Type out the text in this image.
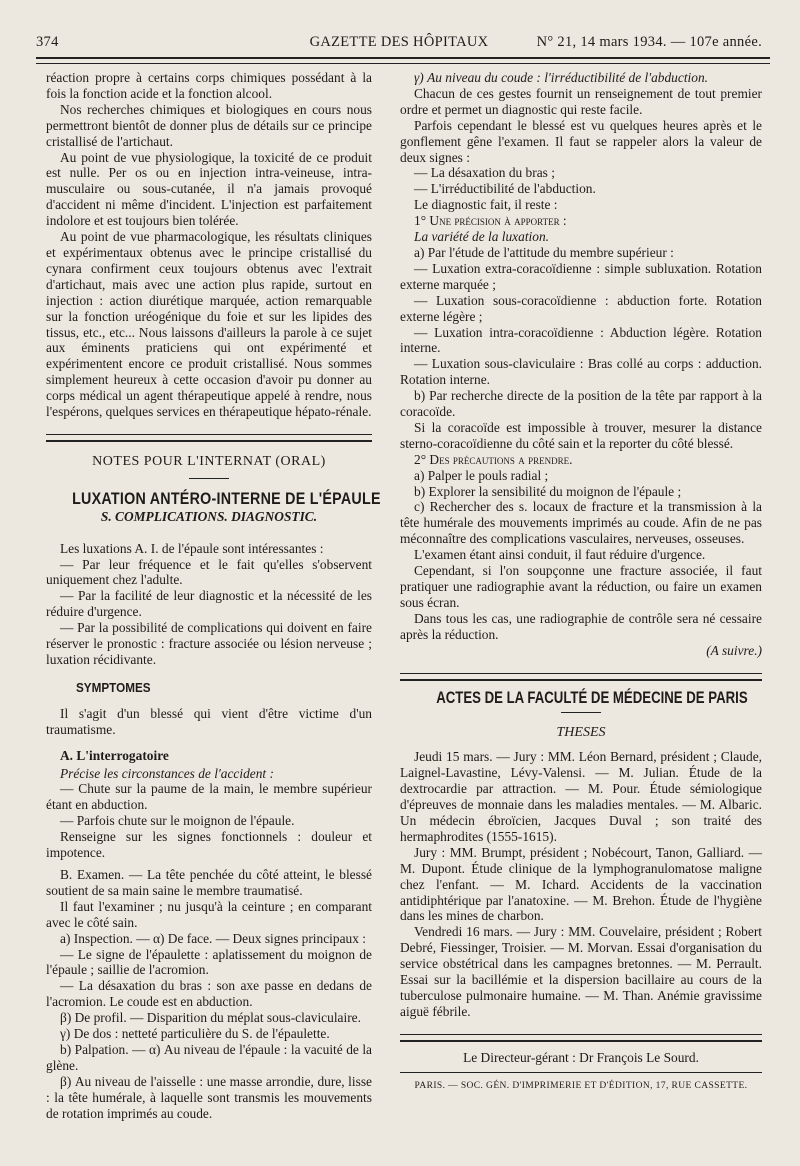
374	GAZETTE DES HÔPITAUX	N° 21, 14 mars 1934. — 107e année.

réaction propre à certains corps chimiques possédant à la fois la fonction acide et la fonction alcool.

Nos recherches chimiques et biologiques en cours nous permettront bientôt de donner plus de détails sur ce principe cristallisé de l'artichaut.

Au point de vue physiologique, la toxicité de ce produit est nulle. Per os ou en injection intra-veineuse, intra-musculaire ou sous-cutanée, il n'a jamais provoqué d'accident ni même d'incident. L'injection est parfaitement indolore et est toujours bien tolérée.

Au point de vue pharmacologique, les résultats cliniques et expérimentaux obtenus avec le principe cristallisé du cynara confirment ceux toujours obtenus avec l'extrait d'artichaut, mais avec une action plus rapide, surtout en injection : action diurétique marquée, action remarquable sur la fonction uréogénique du foie et sur les lipides des tissus, etc., etc... Nous laissons d'ailleurs la parole à ce sujet aux éminents praticiens qui ont expérimenté et expérimentent encore ce produit cristallisé. Nous sommes simplement heureux à cette occasion d'avoir pu donner au corps médical un agent thérapeutique appelé à rendre, nous l'espérons, quelques services en thérapeutique hépato-rénale.

NOTES POUR L'INTERNAT (ORAL)
LUXATION ANTÉRO-INTERNE DE L'ÉPAULE
S. COMPLICATIONS. DIAGNOSTIC.

Les luxations A. I. de l'épaule sont intéressantes :

— Par leur fréquence et le fait qu'elles s'observent uniquement chez l'adulte.

— Par la facilité de leur diagnostic et la nécessité de les réduire d'urgence.

— Par la possibilité de complications qui doivent en faire réserver le pronostic : fracture associée ou lésion nerveuse ; luxation récidivante.

SYMPTOMES

Il s'agit d'un blessé qui vient d'être victime d'un traumatisme.

A. L'interrogatoire

Précise les circonstances de l'accident :

— Chute sur la paume de la main, le membre supérieur étant en abduction.

— Parfois chute sur le moignon de l'épaule.

Renseigne sur les signes fonctionnels : douleur et impotence.

B. Examen. — La tête penchée du côté atteint, le blessé soutient de sa main saine le membre traumatisé.

Il faut l'examiner ; nu jusqu'à la ceinture ; en comparant avec le côté sain.

a) Inspection. — α) De face. — Deux signes principaux :

— Le signe de l'épaulette : aplatissement du moignon de l'épaule ; saillie de l'acromion.

— La désaxation du bras : son axe passe en dedans de l'acromion. Le coude est en abduction.

β) De profil. — Disparition du méplat sous-claviculaire.

γ) De dos : netteté particulière du S. de l'épaulette.

b) Palpation. — α) Au niveau de l'épaule : la vacuité de la glène.

β) Au niveau de l'aisselle : une masse arrondie, dure, lisse : la tête humérale, à laquelle sont transmis les mouvements de rotation imprimés au coude.

γ) Au niveau du coude : l'irréductibilité de l'abduction.

Chacun de ces gestes fournit un renseignement de tout premier ordre et permet un diagnostic qui reste facile.

Parfois cependant le blessé est vu quelques heures après et le gonflement gêne l'examen. Il faut se rappeler alors la valeur de deux signes :

— La désaxation du bras ;

— L'irréductibilité de l'abduction.

Le diagnostic fait, il reste :

1° Une précision à apporter :

La variété de la luxation.

a) Par l'étude de l'attitude du membre supérieur :

— Luxation extra-coracoïdienne : simple subluxation. Rotation externe marquée ;

— Luxation sous-coracoïdienne : abduction forte. Rotation externe légère ;

— Luxation intra-coracoïdienne : Abduction légère. Rotation interne.

— Luxation sous-claviculaire : Bras collé au corps : adduction. Rotation interne.

b) Par recherche directe de la position de la tête par rapport à la coracoïde.

Si la coracoïde est impossible à trouver, mesurer la distance sterno-coracoïdienne du côté sain et la reporter du côté blessé.

2° Des précautions a prendre.

a) Palper le pouls radial ;

b) Explorer la sensibilité du moignon de l'épaule ;

c) Rechercher des s. locaux de fracture et la transmission à la tête humérale des mouvements imprimés au coude. Afin de ne pas méconnaître des complications vasculaires, nerveuses, osseuses.

L'examen étant ainsi conduit, il faut réduire d'urgence.

Cependant, si l'on soupçonne une fracture associée, il faut pratiquer une radiographie avant la réduction, ou faire un examen sous écran.

Dans tous les cas, une radiographie de contrôle sera né cessaire après la réduction.

(A suivre.)

ACTES DE LA FACULTÉ DE MÉDECINE DE PARIS
THESES

Jeudi 15 mars. — Jury : MM. Léon Bernard, président ; Claude, Laignel-Lavastine, Lévy-Valensi. — M. Julian. Étude de la dextrocardie par attraction. — M. Pour. Étude sémiologique d'épreuves de monnaie dans les maladies mentales. — M. Albaric. Un médecin ébroïcien, Jacques Duval ; son traité des hermaphrodites (1555-1615).

Jury : MM. Brumpt, président ; Nobécourt, Tanon, Galliard. — M. Dupont. Étude clinique de la lymphogranulomatose maligne chez l'enfant. — M. Ichard. Accidents de la vaccination antidiphtérique par l'anatoxine. — M. Brehon. Étude de l'hygiène dans les mines de charbon.

Vendredi 16 mars. — Jury : MM. Couvelaire, président ; Robert Debré, Fiessinger, Troisier. — M. Morvan. Essai d'organisation du service obstétrical dans les campagnes bretonnes. — M. Perrault. Essai sur la bacillémie et la dispersion bacillaire au cours de la tuberculose pulmonaire humaine. — M. Than. Anémie gravissime aiguë fébrile.

Le Directeur-gérant : Dr François Le Sourd.
PARIS. — SOC. GÉN. D'IMPRIMERIE ET D'ÉDITION, 17, RUE CASSETTE.
